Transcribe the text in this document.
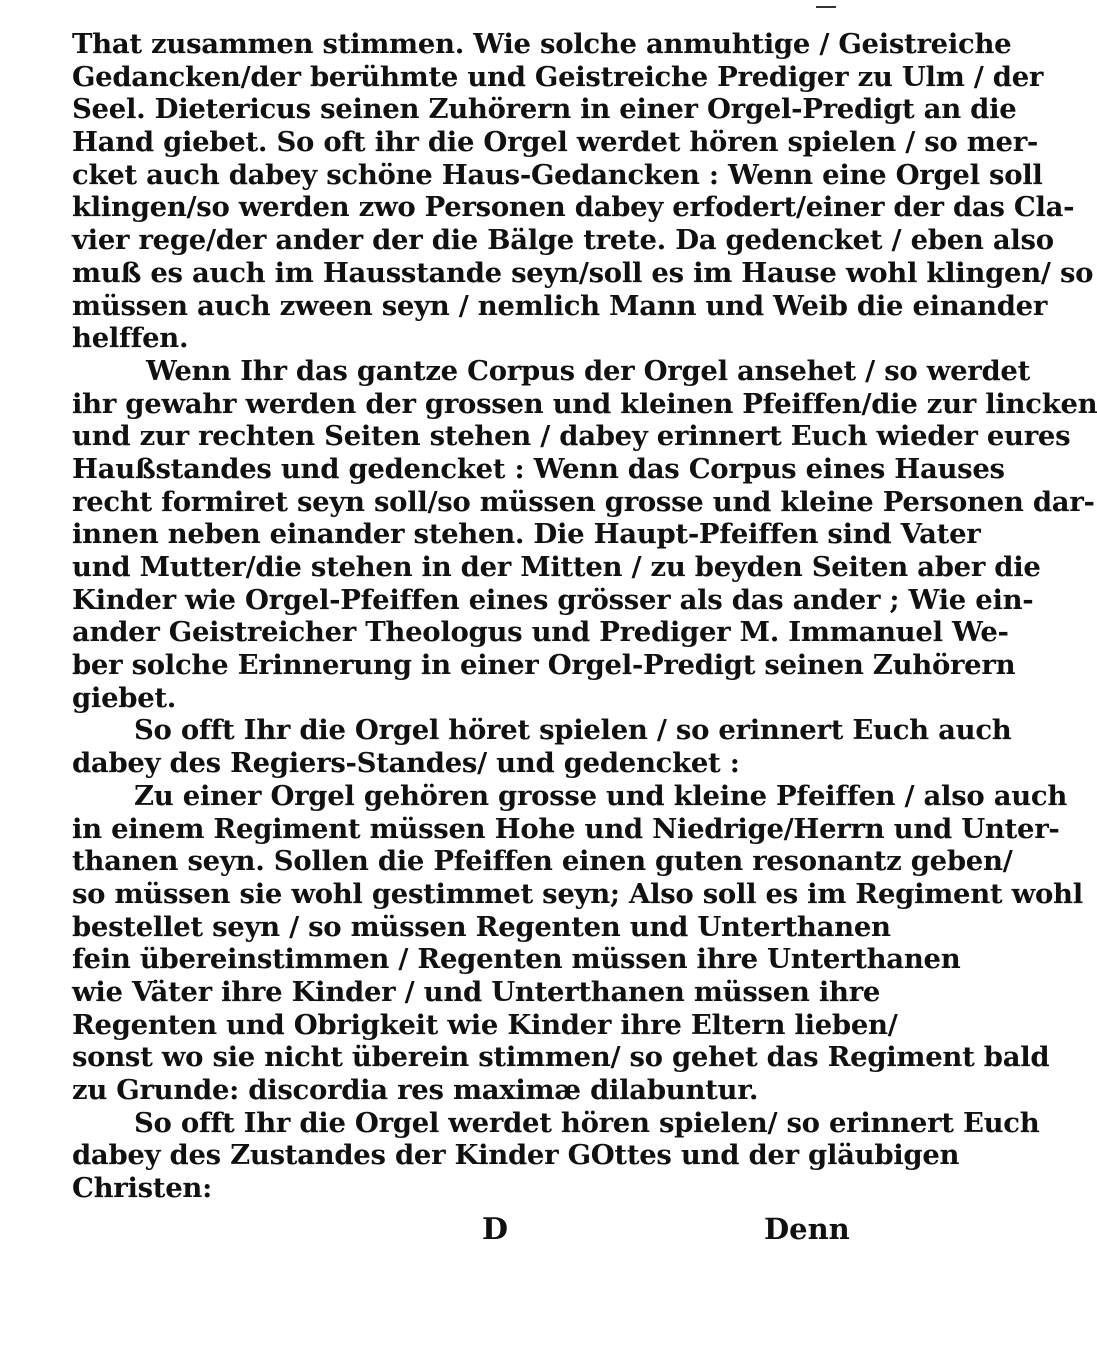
That zusammen stimmen. Wie solche anmuhtige / Geistreiche
Gedancken/der berühmte und Geistreiche Prediger zu Ulm / der
Seel. Dietericus seinen Zuhörern in einer Orgel-Predigt an die
Hand giebet. So oft ihr die Orgel werdet hören spielen / so mer-
cket auch dabey schöne Haus-Gedancken : Wenn eine Orgel soll
klingen/so werden zwo Personen dabey erfodert/einer der das Cla-
vier rege/der ander der die Bälge trete. Da gedencket / eben also
muß es auch im Hausstande seyn/soll es im Hause wohl klingen/ so
müssen auch zween seyn / nemlich Mann und Weib die einander
helffen.
Wenn Ihr das gantze Corpus der Orgel ansehet / so werdet
ihr gewahr werden der grossen und kleinen Pfeiffen/die zur lincken
und zur rechten Seiten stehen / dabey erinnert Euch wieder eures
Haußstandes und gedencket : Wenn das Corpus eines Hauses
recht formiret seyn soll/so müssen grosse und kleine Personen dar-
innen neben einander stehen. Die Haupt-Pfeiffen sind Vater
und Mutter/die stehen in der Mitten / zu beyden Seiten aber die
Kinder wie Orgel-Pfeiffen eines grösser als das ander ; Wie ein-
ander Geistreicher Theologus und Prediger M. Immanuel We-
ber solche Erinnerung in einer Orgel-Predigt seinen Zuhörern
giebet.
So offt Ihr die Orgel höret spielen / so erinnert Euch auch
dabey des Regiers-Standes/ und gedencket :
Zu einer Orgel gehören grosse und kleine Pfeiffen / also auch
in einem Regiment müssen Hohe und Niedrige/Herrn und Unter-
thanen seyn. Sollen die Pfeiffen einen guten resonantz geben/
so müssen sie wohl gestimmet seyn; Also soll es im Regiment wohl
bestellet seyn / so müssen Regenten und Unterthanen
fein übereinstimmen / Regenten müssen ihre Unterthanen
wie Väter ihre Kinder / und Unterthanen müssen ihre
Regenten und Obrigkeit wie Kinder ihre Eltern lieben/
sonst wo sie nicht überein stimmen/ so gehet das Regiment bald
zu Grunde: discordia res maximæ dilabuntur.
So offt Ihr die Orgel werdet hören spielen/ so erinnert Euch
dabey des Zustandes der Kinder GOttes und der gläubigen
Christen:
D	Denn
